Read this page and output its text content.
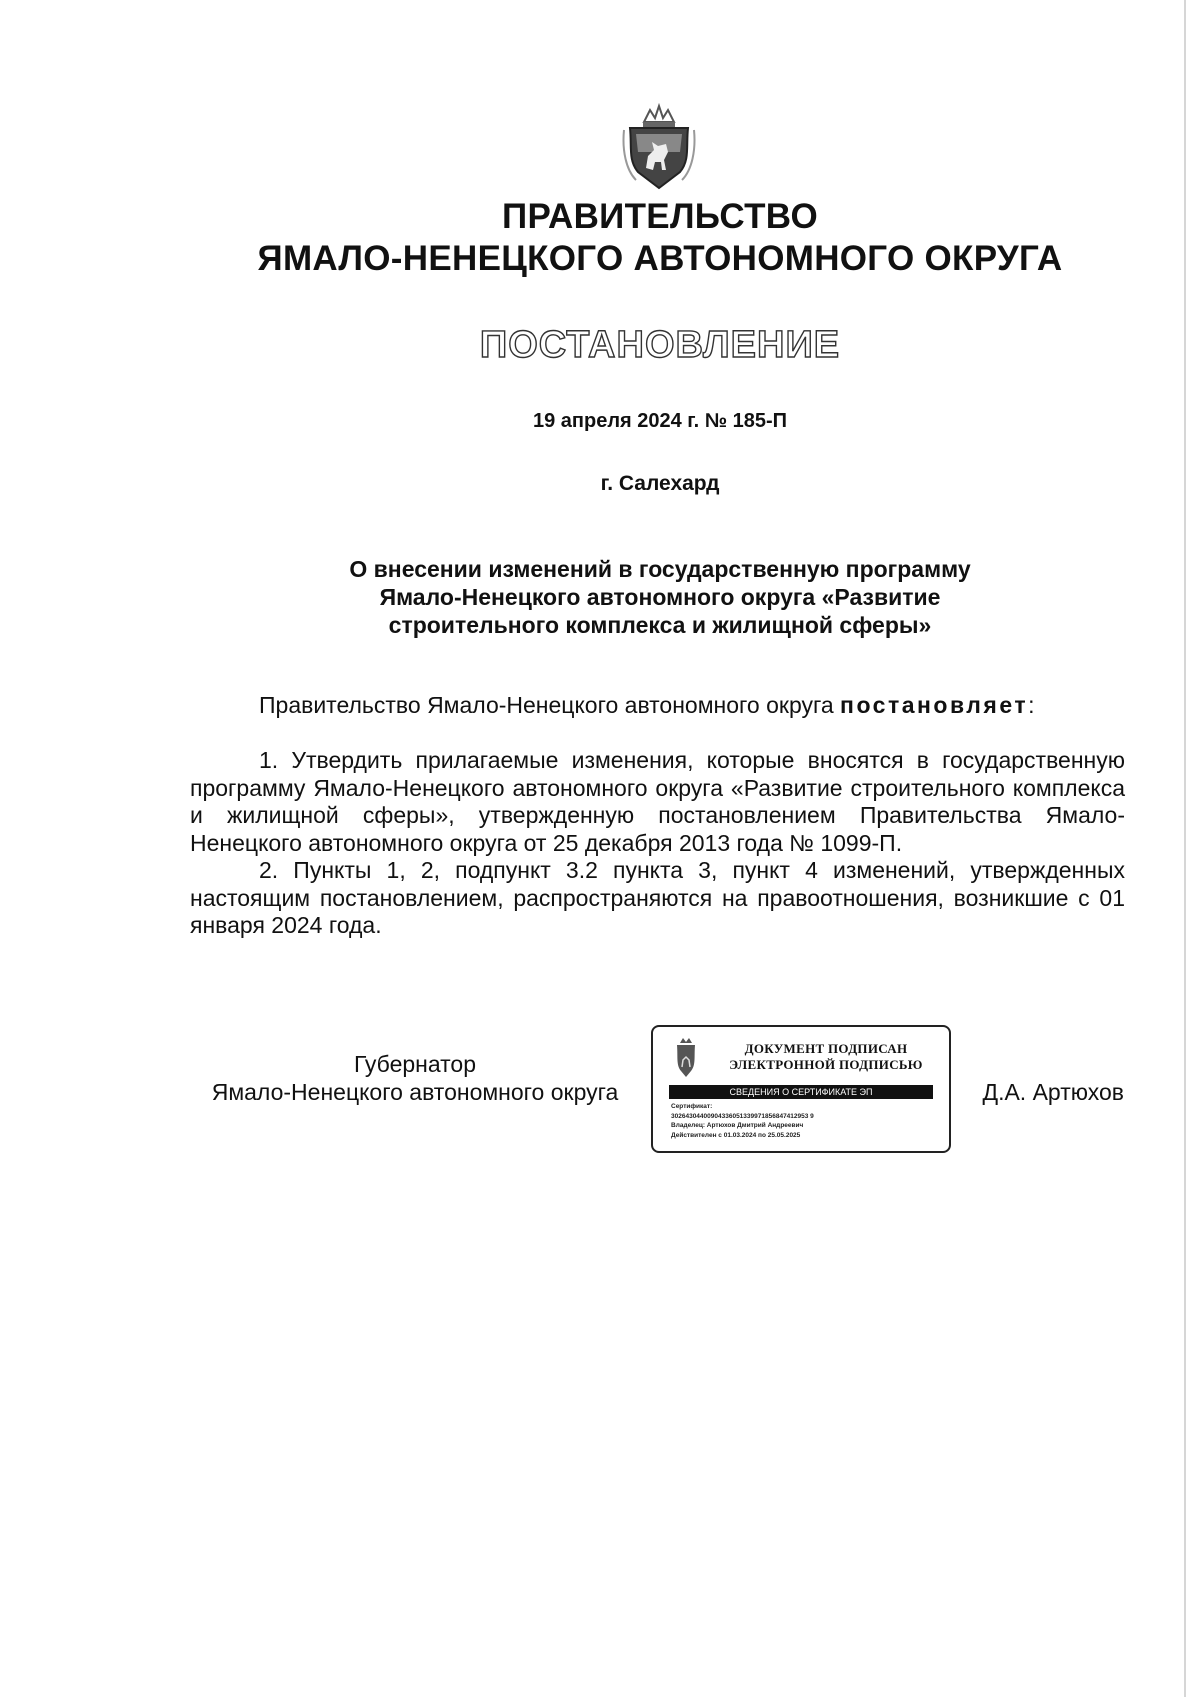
ПРАВИТЕЛЬСТВО
ЯМАЛО-НЕНЕЦКОГО АВТОНОМНОГО ОКРУГА
ПОСТАНОВЛЕНИЕ
19 апреля 2024 г. № 185-П
г. Салехард
О внесении изменений в государственную программу
Ямало-Ненецкого автономного округа «Развитие
строительного комплекса и жилищной сферы»
Правительство Ямало-Ненецкого автономного округа постановляет:

1. Утвердить прилагаемые изменения, которые вносятся в государственную программу Ямало-Ненецкого автономного округа «Развитие строительного комплекса и жилищной сферы», утвержденную постановлением Правительства Ямало-Ненецкого автономного округа от 25 декабря 2013 года № 1099-П.

2. Пункты 1, 2, подпункт 3.2 пункта 3, пункт 4 изменений, утвержденных настоящим постановлением, распространяются на правоотношения, возникшие с 01 января 2024 года.

Губернатор
Ямало-Ненецкого автономного округа
ДОКУМЕНТ ПОДПИСАН
ЭЛЕКТРОННОЙ ПОДПИСЬЮ
СВЕДЕНИЯ О СЕРТИФИКАТЕ ЭП
Сертификат:
30264304400904336051339971856847412953 9
Владелец: Артюхов Дмитрий Андреевич
Действителен с 01.03.2024 по 25.05.2025
Д.А. Артюхов
